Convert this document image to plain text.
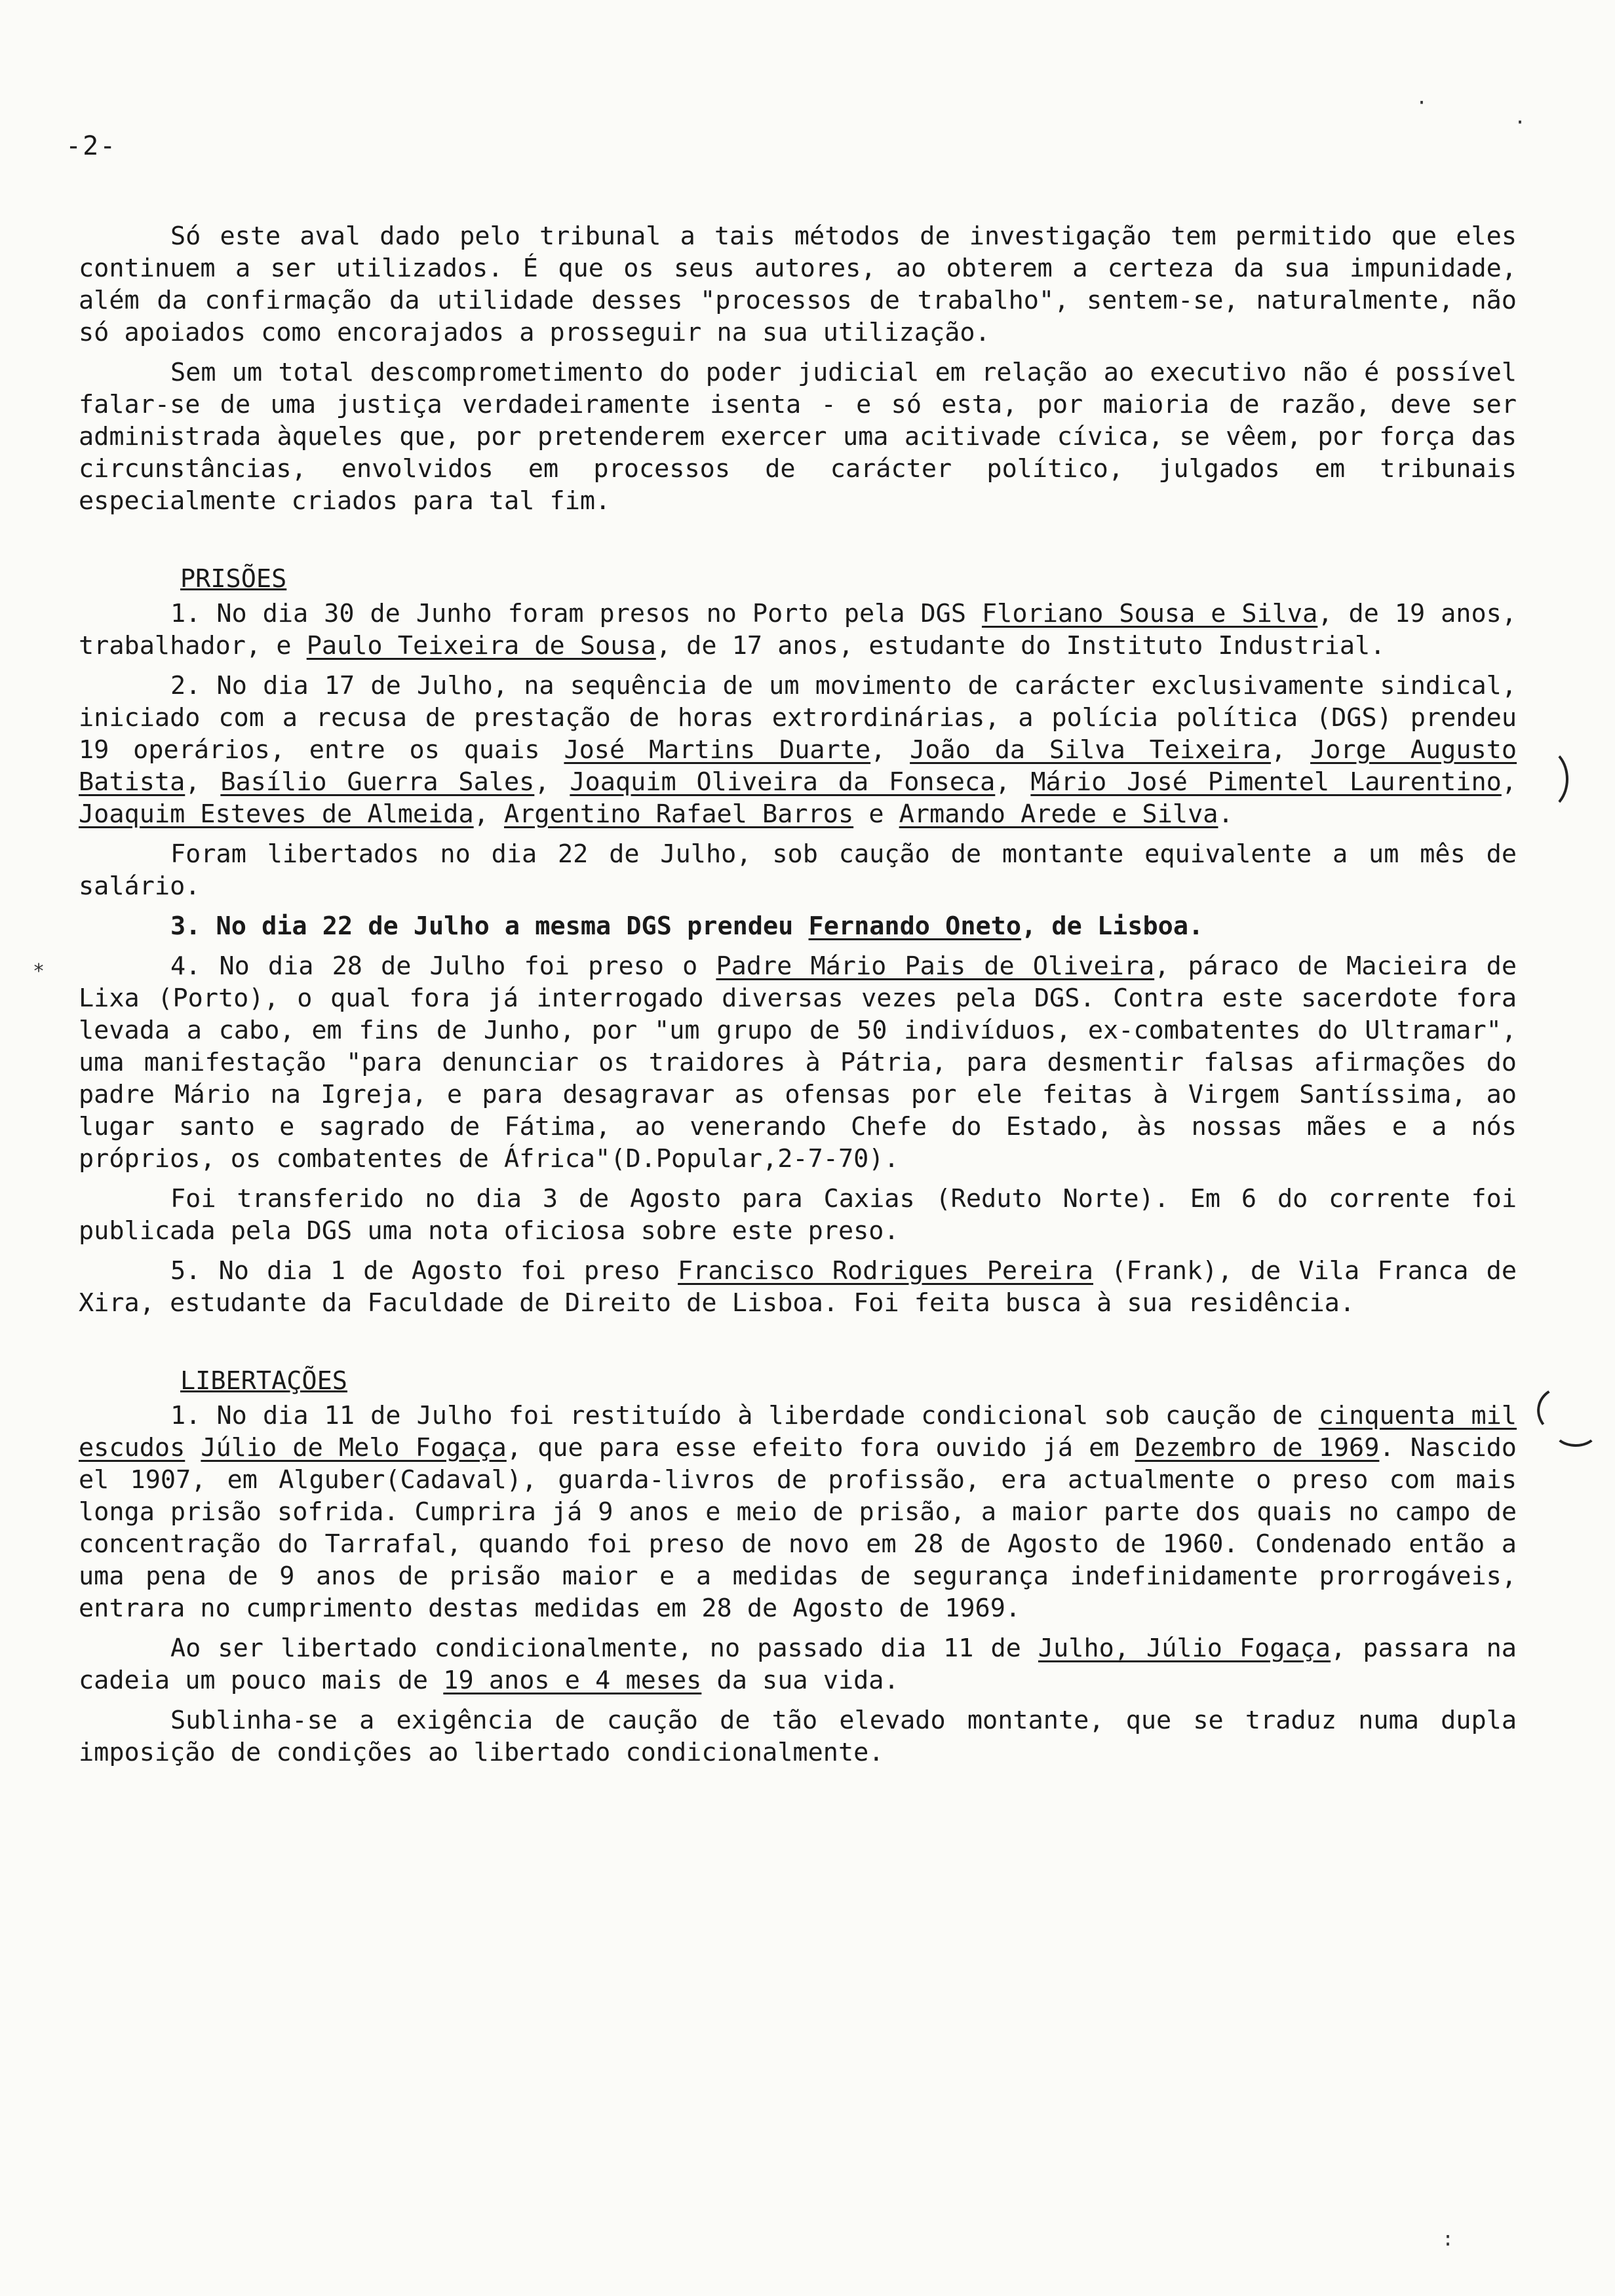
-2-

Só este aval dado pelo tribunal a tais métodos de investigação tem permitido que eles continuem a ser utilizados. É que os seus autores, ao obterem a certeza da sua impunidade, além da confirmação da utilidade desses "processos de trabalho", sentem-se, naturalmente, não só apoiados como encorajados a prosseguir na sua utilização.

Sem um total descomprometimento do poder judicial em relação ao executivo não é possível falar-se de uma justiça verdadeiramente isenta - e só esta, por maioria de razão, deve ser administrada àqueles que, por pretenderem exercer uma acitivade cívica, se vêem, por força das circunstâncias, envolvidos em processos de carácter político, julgados em tribunais especialmente criados para tal fim.

PRISÕES

1. No dia 30 de Junho foram presos no Porto pela DGS Floriano Sousa e Silva, de 19 anos, trabalhador, e Paulo Teixeira de Sousa, de 17 anos, estudante do Instituto Industrial.

2. No dia 17 de Julho, na sequência de um movimento de carácter exclusivamente sindical, iniciado com a recusa de prestação de horas extrordinárias, a polícia política (DGS) prendeu 19 operários, entre os quais José Martins Duarte, João da Silva Teixeira, Jorge Augusto Batista, Basílio Guerra Sales, Joaquim Oliveira da Fonseca, Mário José Pimentel Laurentino, Joaquim Esteves de Almeida, Argentino Rafael Barros e Armando Arede e Silva.

Foram libertados no dia 22 de Julho, sob caução de montante equivalente a um mês de salário.

3. No dia 22 de Julho a mesma DGS prendeu Fernando Oneto, de Lisboa.

4. No dia 28 de Julho foi preso o Padre Mário Pais de Oliveira, páraco de Macieira de Lixa (Porto), o qual fora já interrogado diversas vezes pela DGS. Contra este sacerdote fora levada a cabo, em fins de Junho, por "um grupo de 50 indivíduos, ex-combatentes do Ultramar", uma manifestação "para denunciar os traidores à Pátria, para desmentir falsas afirmações do padre Mário na Igreja, e para desagravar as ofensas por ele feitas à Virgem Santíssima, ao lugar santo e sagrado de Fátima, ao venerando Chefe do Estado, às nossas mães e a nós próprios, os combatentes de África"(D.Popular,2-7-70).

Foi transferido no dia 3 de Agosto para Caxias (Reduto Norte). Em 6 do corrente foi publicada pela DGS uma nota oficiosa sobre este preso.

5. No dia 1 de Agosto foi preso Francisco Rodrigues Pereira (Frank), de Vila Franca de Xira, estudante da Faculdade de Direito de Lisboa. Foi feita busca à sua residência.

LIBERTAÇÕES

1. No dia 11 de Julho foi restituído à liberdade condicional sob caução de cinquenta mil escudos Júlio de Melo Fogaça, que para esse efeito fora ouvido já em Dezembro de 1969. Nascido el 1907, em Alguber(Cadaval), guarda-livros de profissão, era actualmente o preso com mais longa prisão sofrida. Cumprira já 9 anos e meio de prisão, a maior parte dos quais no campo de concentração do Tarrafal, quando foi preso de novo em 28 de Agosto de 1960. Condenado então a uma pena de 9 anos de prisão maior e a medidas de segurança indefinidamente prorrogáveis, entrara no cumprimento destas medidas em 28 de Agosto de 1969.

Ao ser libertado condicionalmente, no passado dia 11 de Julho, Júlio Fogaça, passara na cadeia um pouco mais de 19 anos e 4 meses da sua vida.

Sublinha-se a exigência de caução de tão elevado montante, que se traduz numa dupla imposição de condições ao libertado condicionalmente.

·
·
*
:
